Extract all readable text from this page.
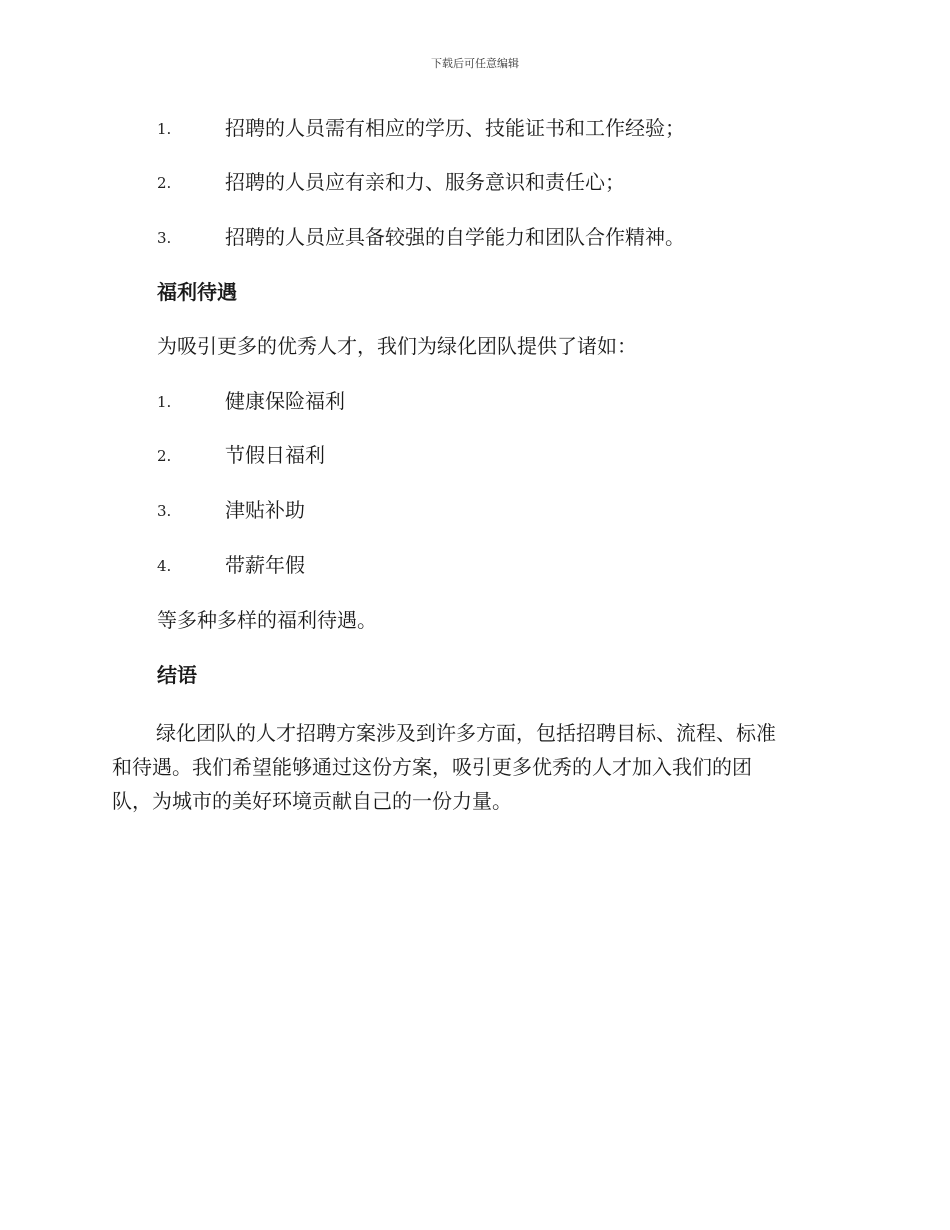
下载后可任意编辑
1.	招聘的人员需有相应的学历、技能证书和工作经验；
2.	招聘的人员应有亲和力、服务意识和责任心；
3.	招聘的人员应具备较强的自学能力和团队合作精神。
福利待遇
为吸引更多的优秀人才，我们为绿化团队提供了诸如：
1.	健康保险福利
2.	节假日福利
3.	津贴补助
4.	带薪年假
等多种多样的福利待遇。
结语
绿化团队的人才招聘方案涉及到许多方面，包括招聘目标、流程、标准
和待遇。我们希望能够通过这份方案，吸引更多优秀的人才加入我们的团
队，为城市的美好环境贡献自己的一份力量。
